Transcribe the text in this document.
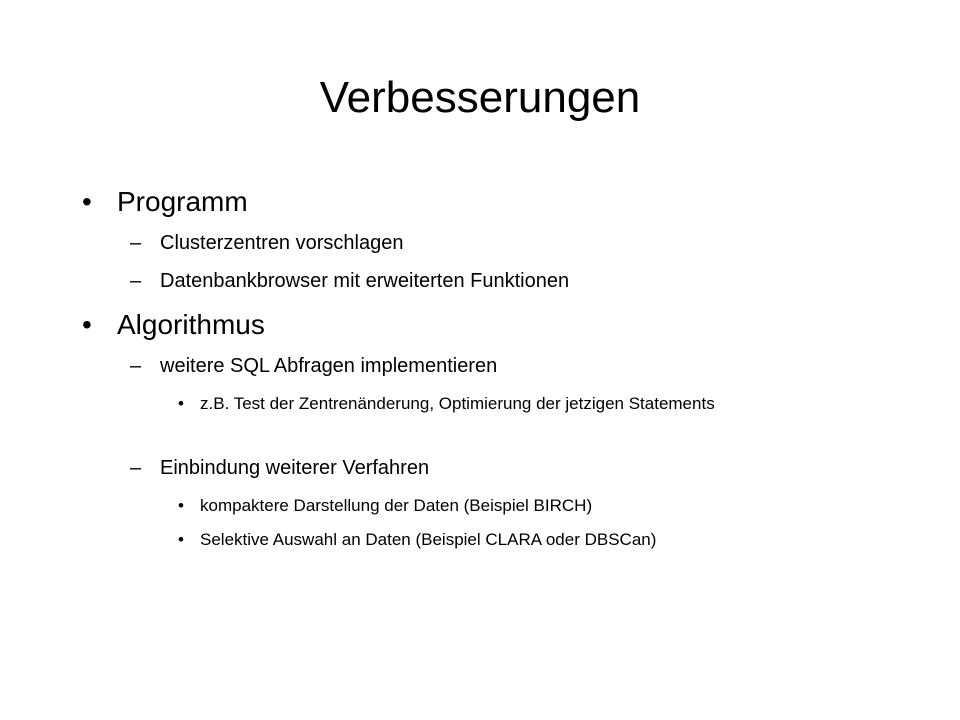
Verbesserungen
• Programm
– Clusterzentren vorschlagen
– Datenbankbrowser mit erweiterten Funktionen
• Algorithmus
– weitere SQL Abfragen implementieren
• z.B. Test der Zentrenänderung, Optimierung der jetzigen Statements
– Einbindung weiterer Verfahren
• kompaktere Darstellung der Daten (Beispiel BIRCH)
• Selektive Auswahl an Daten (Beispiel CLARA oder DBSCan)
